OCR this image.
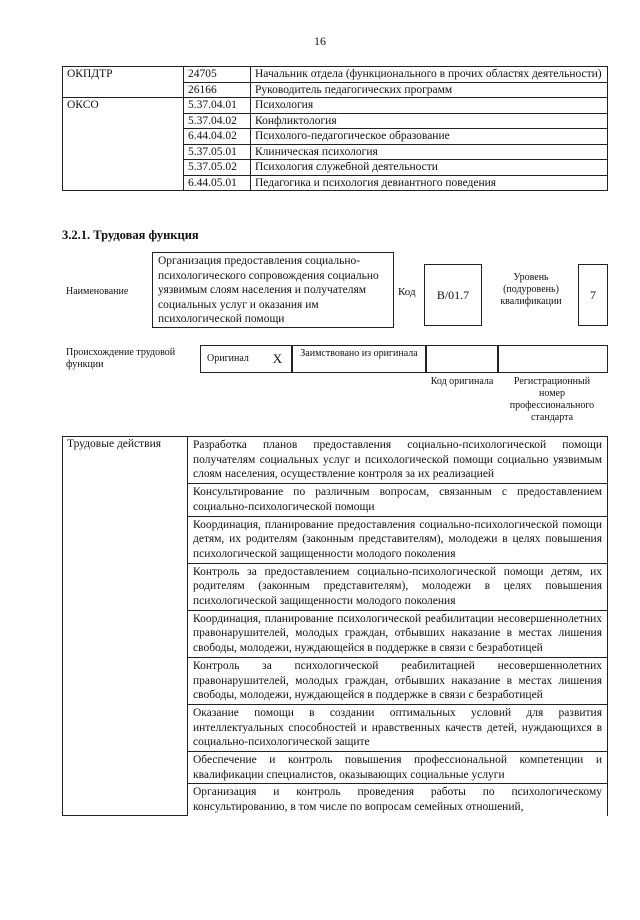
16
ОКПДТР	24705	Начальник отдела (функционального в прочих областях деятельности)
	26166	Руководитель педагогических программ
ОКСО	5.37.04.01	Психология
	5.37.04.02	Конфликтология
	6.44.04.02	Психолого-педагогическое образование
	5.37.05.01	Клиническая психология
	5.37.05.02	Психология служебной деятельности
	6.44.05.01	Педагогика и психология девиантного поведения
3.2.1. Трудовая функция
Наименование
Организация предоставления социально-психологического сопровождения социально уязвимым слоям населения и получателям социальных услуг и оказания им психологической помощи
Код	В/01.7
Уровень (подуровень) квалификации	7
Происхождение трудовой функции
Оригинал	X	Заимствовано из оригинала
Код оригинала	Регистрационный номер профессионального стандарта
Трудовые действия	Разработка планов предоставления социально-психологической помощи получателям социальных услуг и психологической помощи социально уязвимым слоям населения, осуществление контроля за их реализацией
Консультирование по различным вопросам, связанным с предоставлением социально-психологической помощи
Координация, планирование предоставления социально-психологической помощи детям, их родителям (законным представителям), молодежи в целях повышения психологической защищенности молодого поколения
Контроль за предоставлением социально-психологической помощи детям, их родителям (законным представителям), молодежи в целях повышения психологической защищенности молодого поколения
Координация, планирование психологической реабилитации несовершеннолетних правонарушителей, молодых граждан, отбывших наказание в местах лишения свободы, молодежи, нуждающейся в поддержке в связи с безработицей
Контроль за психологической реабилитацией несовершеннолетних правонарушителей, молодых граждан, отбывших наказание в местах лишения свободы, молодежи, нуждающейся в поддержке в связи с безработицей
Оказание помощи в создании оптимальных условий для развития интеллектуальных способностей и нравственных качеств детей, нуждающихся в социально-психологической защите
Обеспечение и контроль повышения профессиональной компетенции и квалификации специалистов, оказывающих социальные услуги
Организация и контроль проведения работы по психологическому консультированию, в том числе по вопросам семейных отношений,
